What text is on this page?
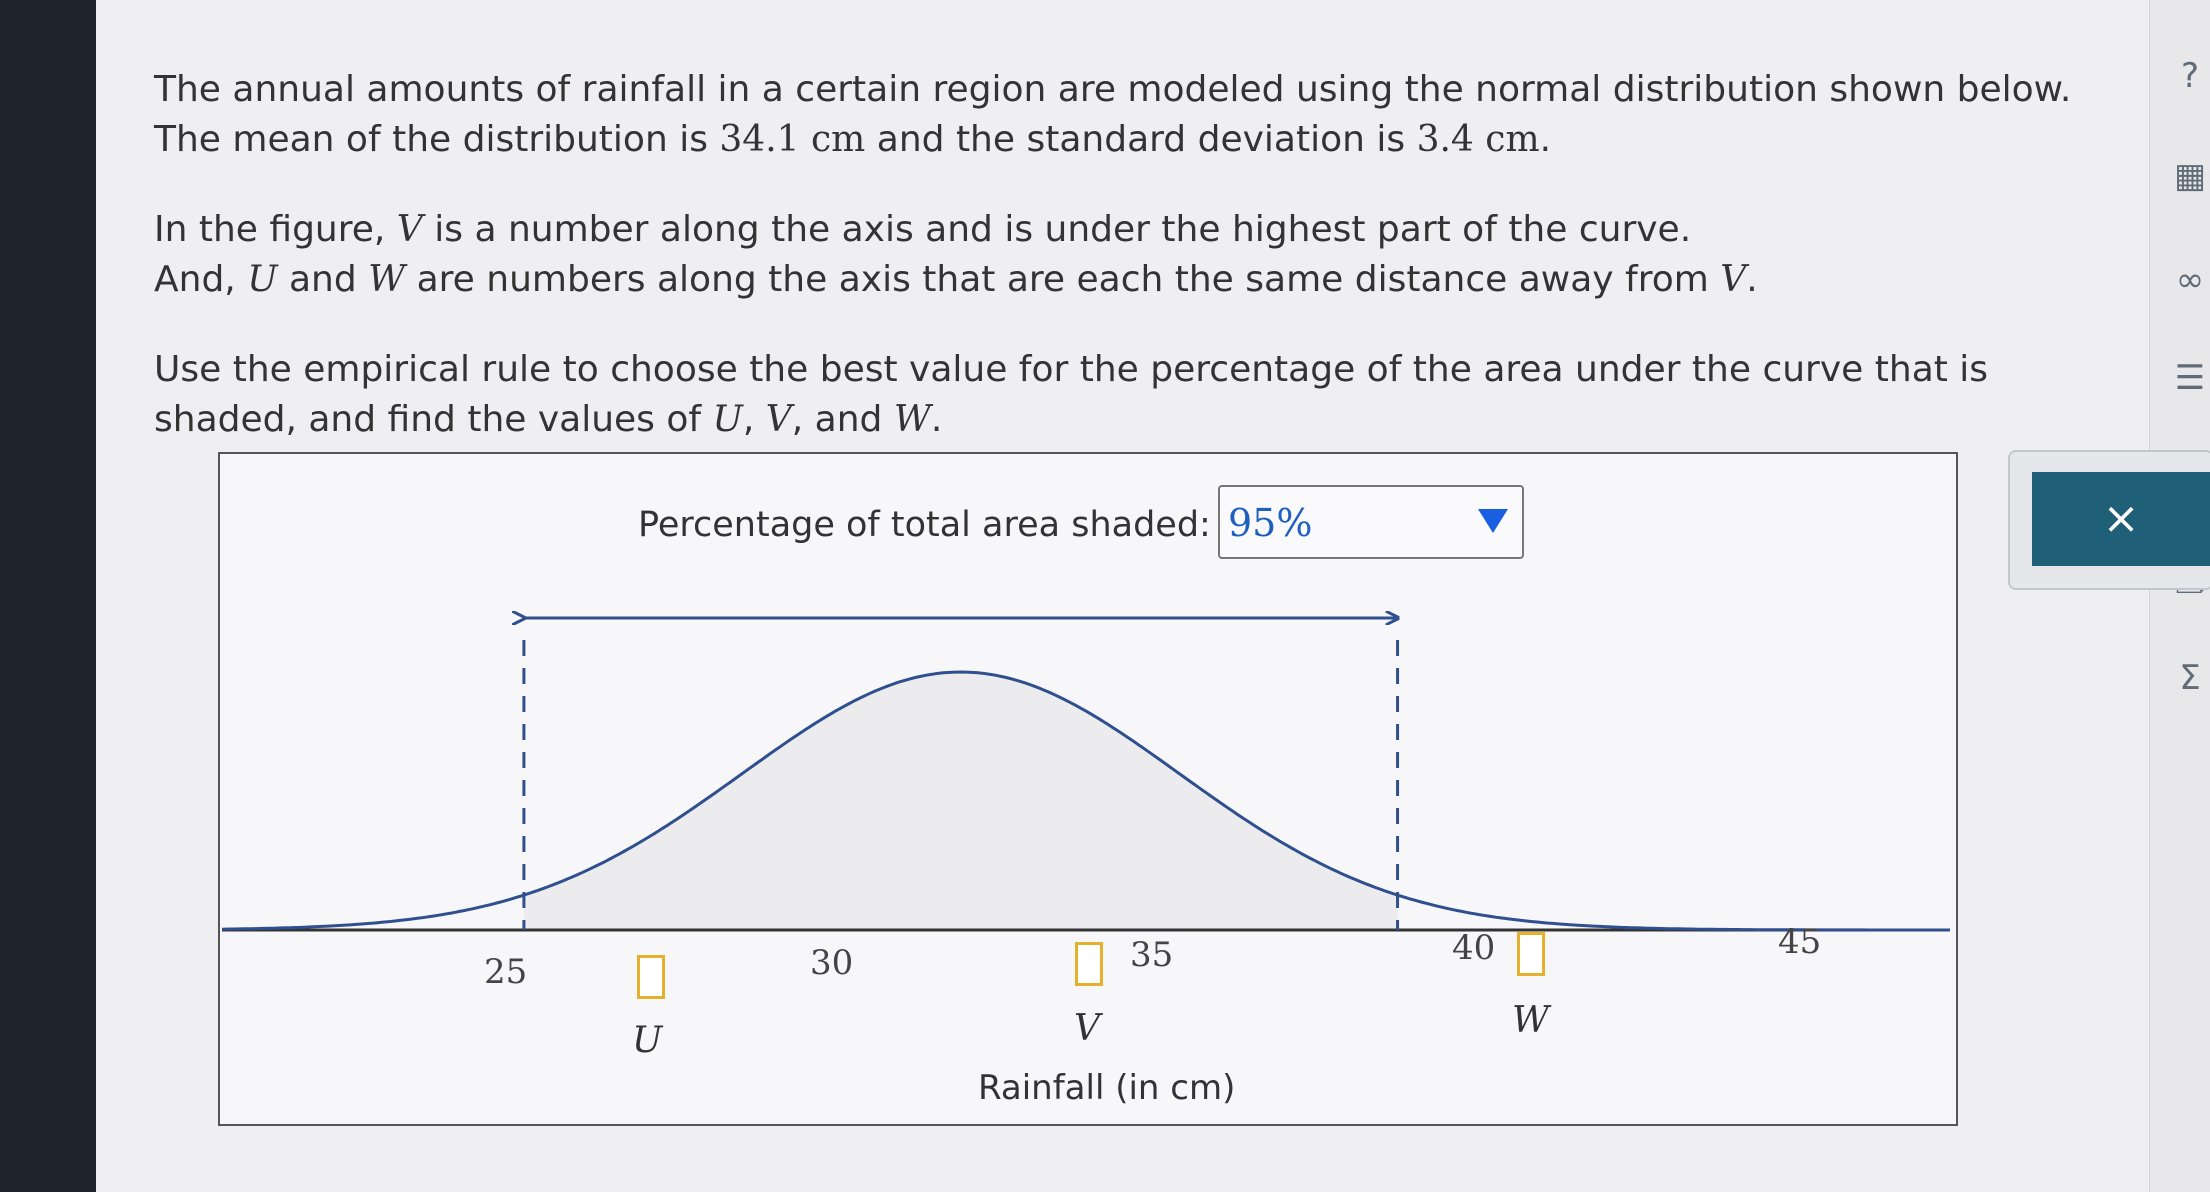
?
▦
∞
☰
Σ
The annual amounts of rainfall in a certain region are modeled using the normal distribution shown below.
The mean of the distribution is 34.1 cm and the standard deviation is 3.4 cm.
In the figure, V is a number along the axis and is under the highest part of the curve.
And, U and W are numbers along the axis that are each the same distance away from V.
Use the empirical rule to choose the best value for the percentage of the area under the curve that is
shaded, and find the values of U, V, and W.
Percentage of total area shaded: 95%
25	30	35	40	45
U	V	W
Rainfall (in cm)
×
